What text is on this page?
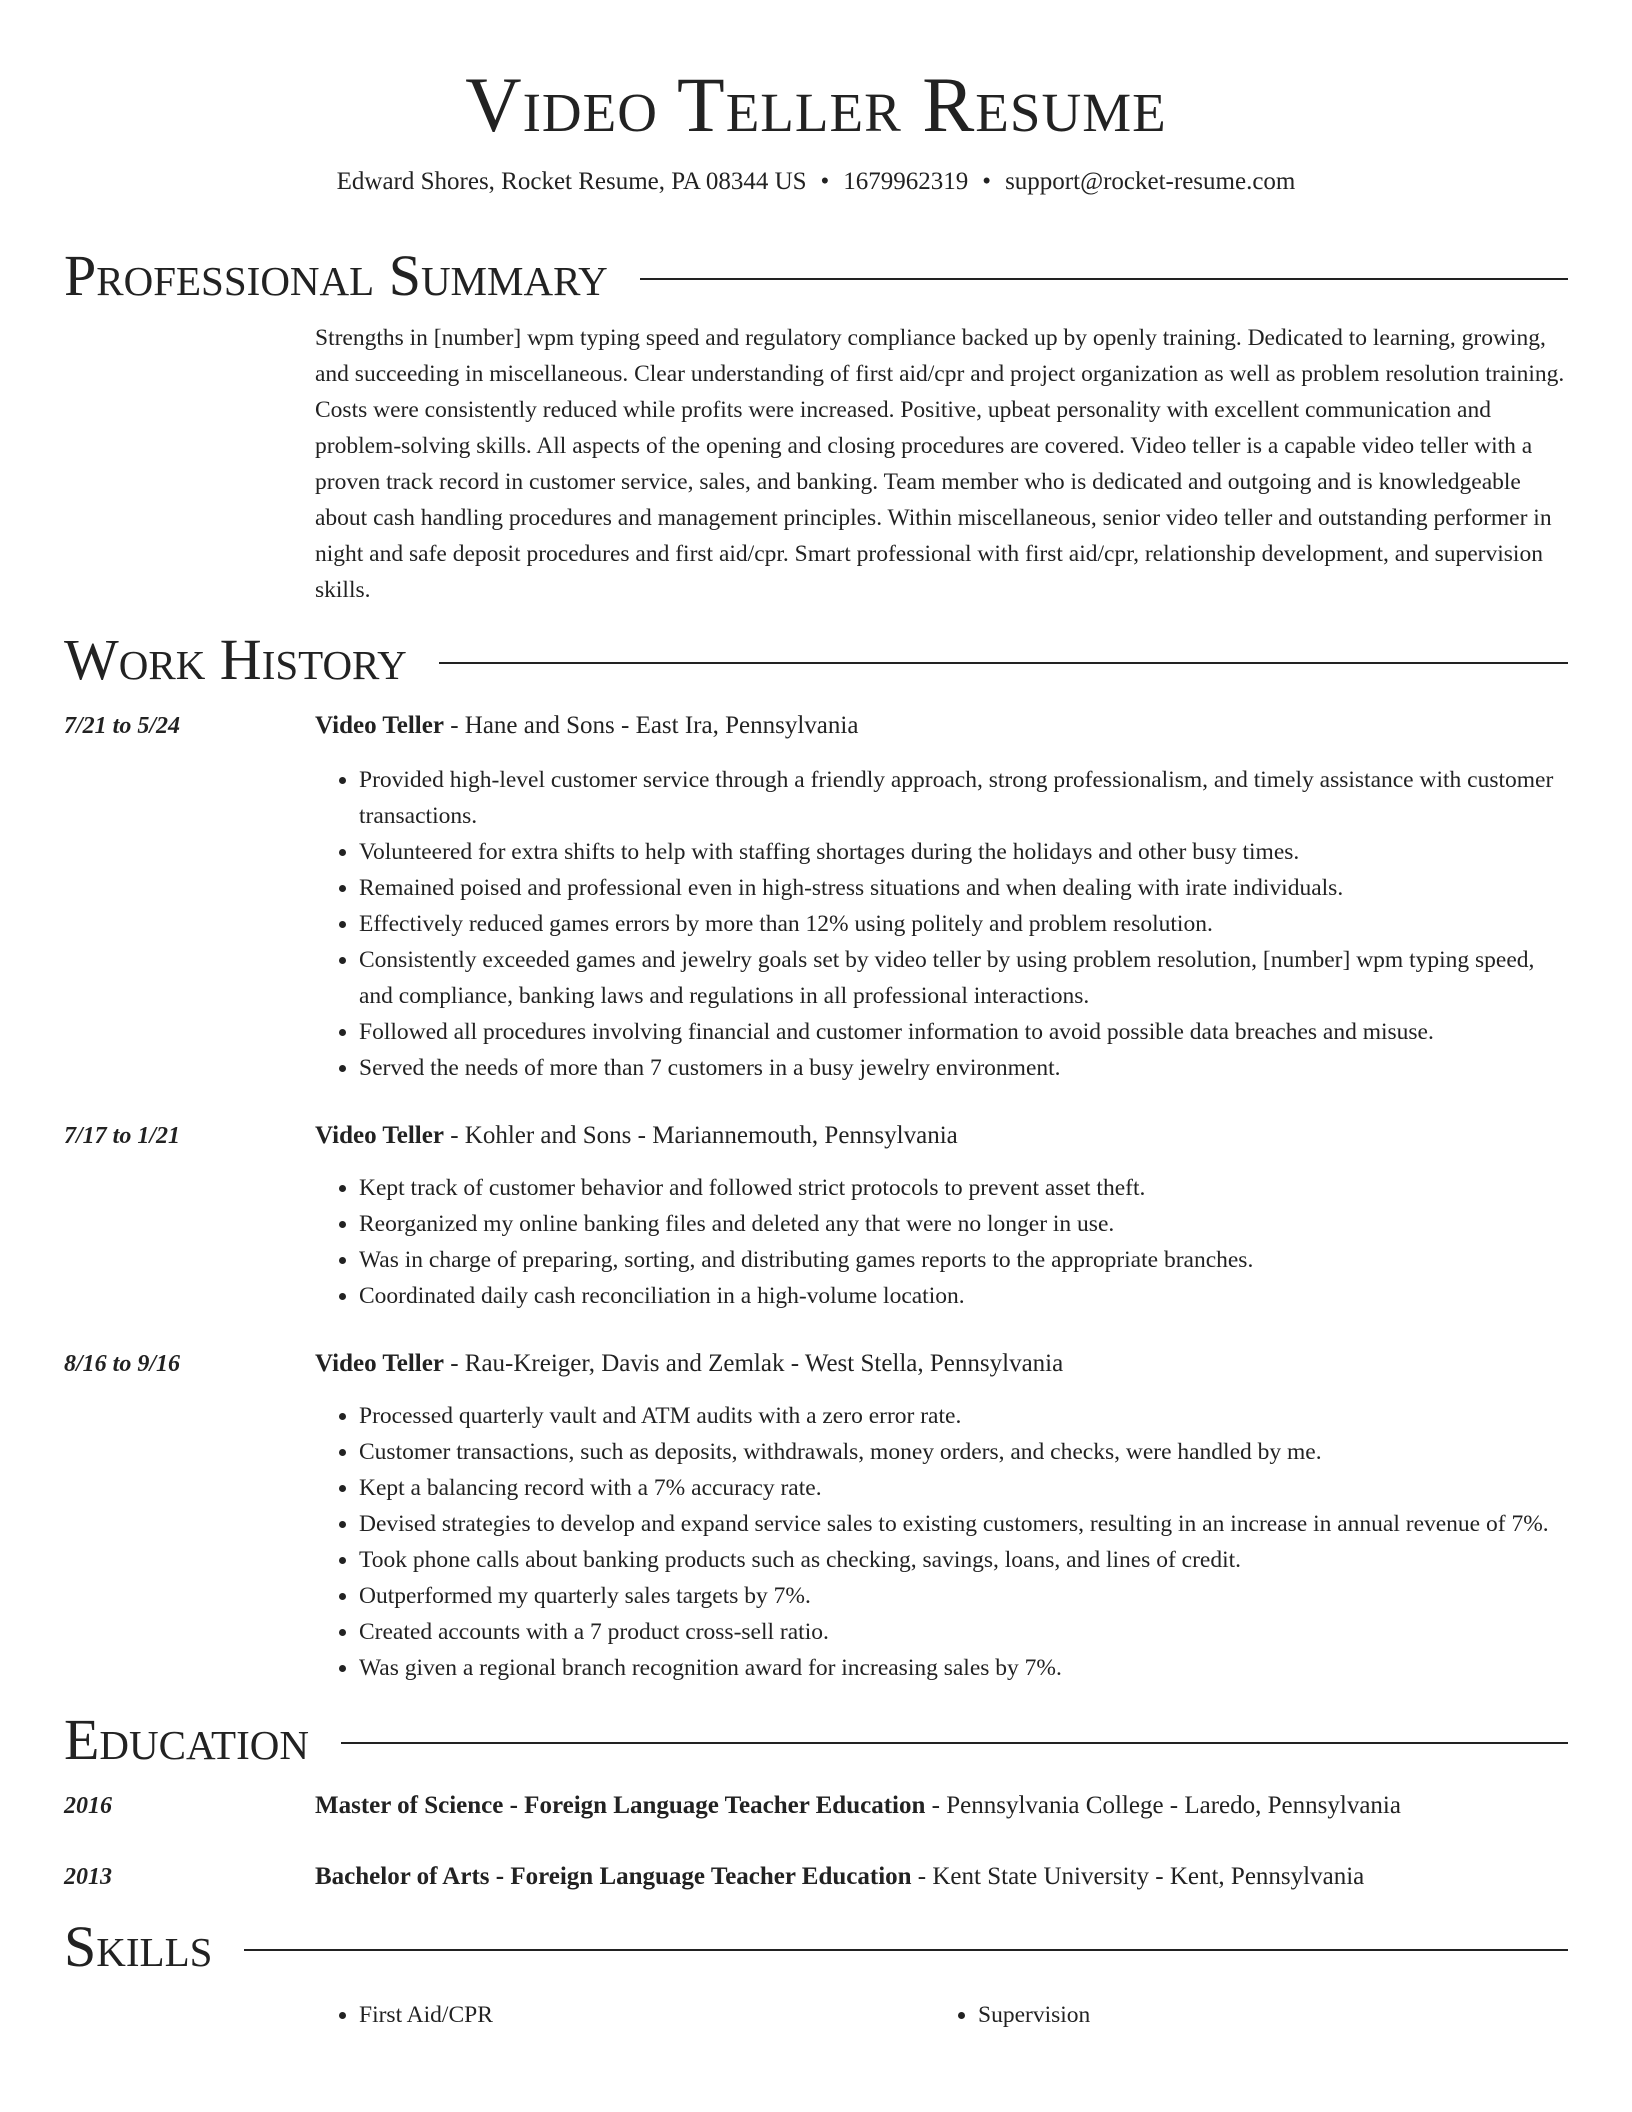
Video Teller Resume
Edward Shores, Rocket Resume, PA 08344 US • 1679962319 • support@rocket-resume.com
Professional Summary
Strengths in [number] wpm typing speed and regulatory compliance backed up by openly training. Dedicated to learning, growing, and succeeding in miscellaneous. Clear understanding of first aid/cpr and project organization as well as problem resolution training. Costs were consistently reduced while profits were increased. Positive, upbeat personality with excellent communication and problem-solving skills. All aspects of the opening and closing procedures are covered. Video teller is a capable video teller with a proven track record in customer service, sales, and banking. Team member who is dedicated and outgoing and is knowledgeable about cash handling procedures and management principles. Within miscellaneous, senior video teller and outstanding performer in night and safe deposit procedures and first aid/cpr. Smart professional with first aid/cpr, relationship development, and supervision skills.
Work History
7/21 to 5/24	Video Teller - Hane and Sons - East Ira, Pennsylvania
• Provided high-level customer service through a friendly approach, strong professionalism, and timely assistance with customer transactions.
• Volunteered for extra shifts to help with staffing shortages during the holidays and other busy times.
• Remained poised and professional even in high-stress situations and when dealing with irate individuals.
• Effectively reduced games errors by more than 12% using politely and problem resolution.
• Consistently exceeded games and jewelry goals set by video teller by using problem resolution, [number] wpm typing speed, and compliance, banking laws and regulations in all professional interactions.
• Followed all procedures involving financial and customer information to avoid possible data breaches and misuse.
• Served the needs of more than 7 customers in a busy jewelry environment.
7/17 to 1/21	Video Teller - Kohler and Sons - Mariannemouth, Pennsylvania
• Kept track of customer behavior and followed strict protocols to prevent asset theft.
• Reorganized my online banking files and deleted any that were no longer in use.
• Was in charge of preparing, sorting, and distributing games reports to the appropriate branches.
• Coordinated daily cash reconciliation in a high-volume location.
8/16 to 9/16	Video Teller - Rau-Kreiger, Davis and Zemlak - West Stella, Pennsylvania
• Processed quarterly vault and ATM audits with a zero error rate.
• Customer transactions, such as deposits, withdrawals, money orders, and checks, were handled by me.
• Kept a balancing record with a 7% accuracy rate.
• Devised strategies to develop and expand service sales to existing customers, resulting in an increase in annual revenue of 7%.
• Took phone calls about banking products such as checking, savings, loans, and lines of credit.
• Outperformed my quarterly sales targets by 7%.
• Created accounts with a 7 product cross-sell ratio.
• Was given a regional branch recognition award for increasing sales by 7%.
Education
2016	Master of Science - Foreign Language Teacher Education - Pennsylvania College - Laredo, Pennsylvania
2013	Bachelor of Arts - Foreign Language Teacher Education - Kent State University - Kent, Pennsylvania
Skills
• First Aid/CPR
•	Supervision
